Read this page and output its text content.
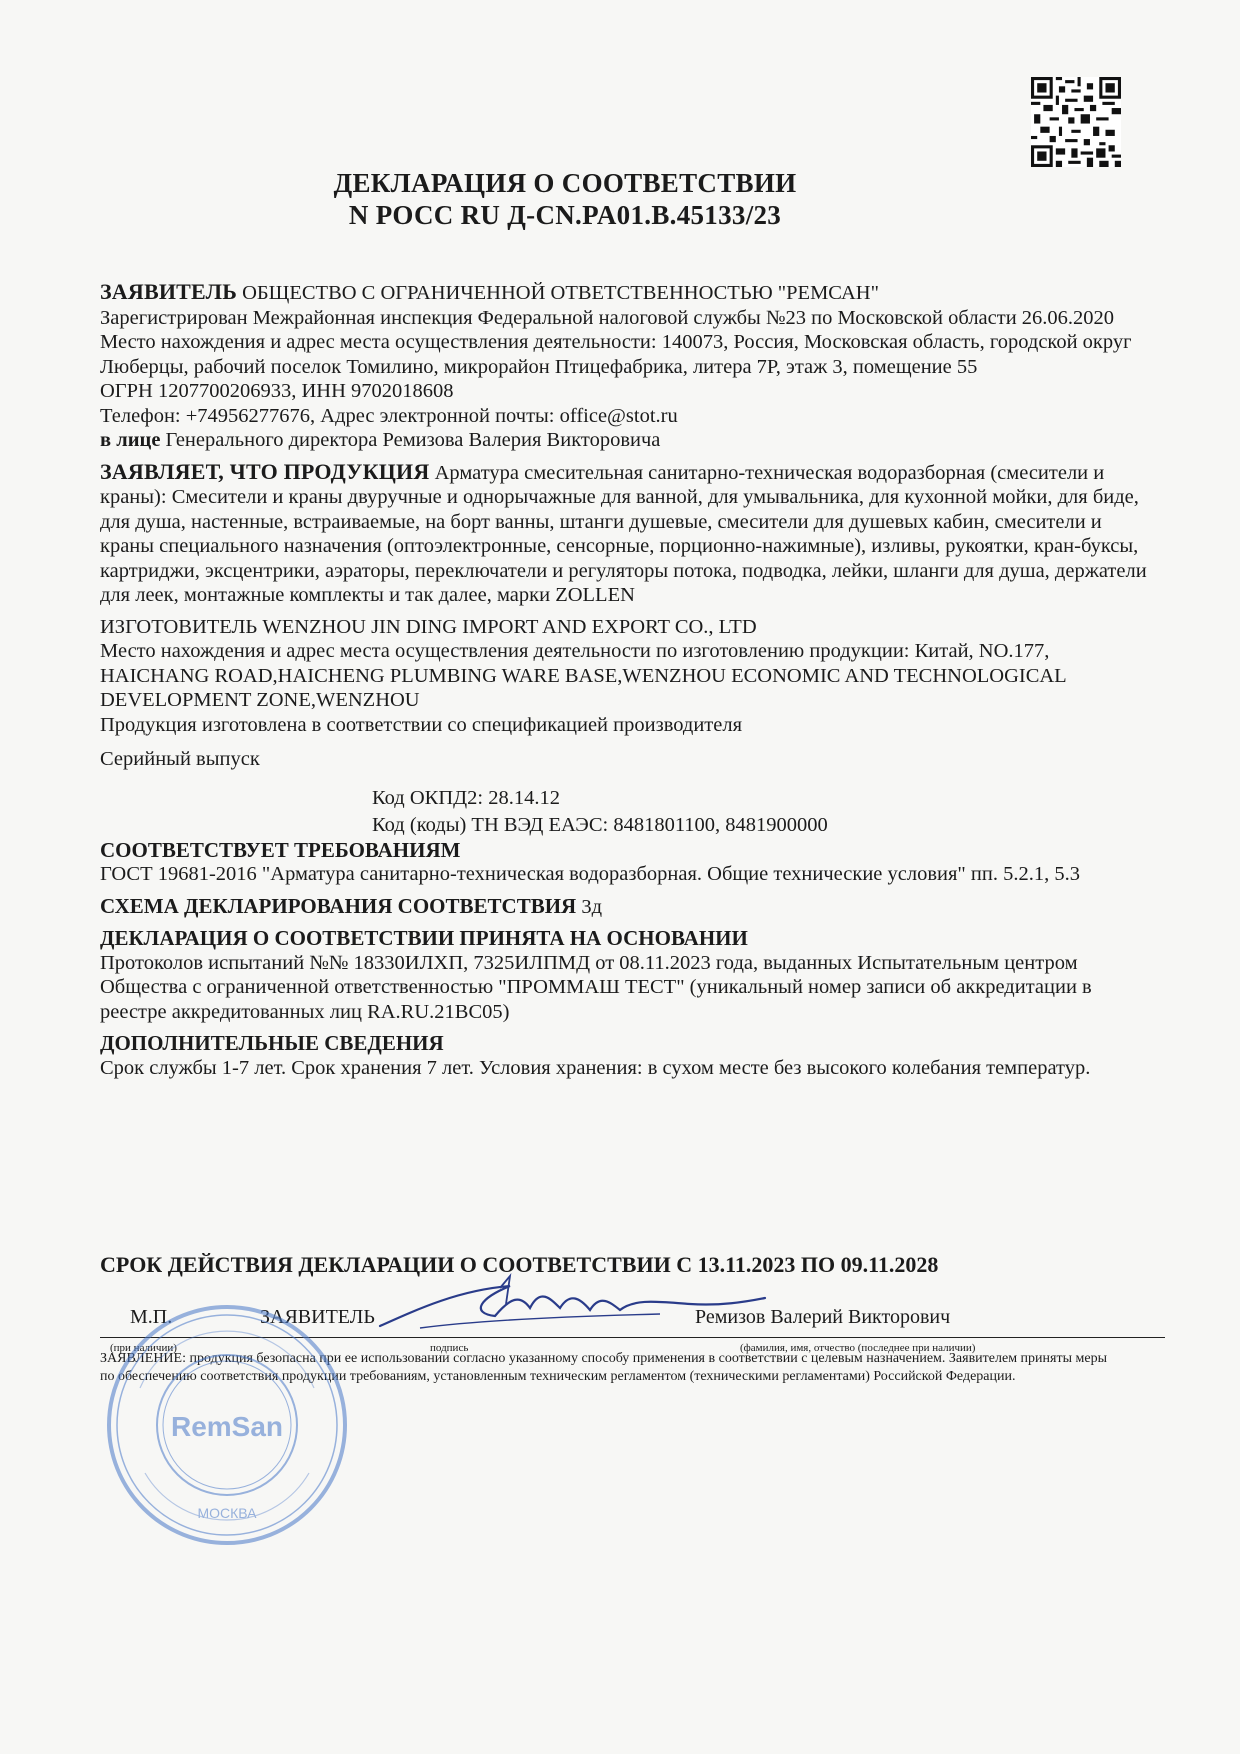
ДЕКЛАРАЦИЯ О СООТВЕТСТВИИ
N РОСС RU Д-CN.PA01.B.45133/23

ЗАЯВИТЕЛЬ ОБЩЕСТВО С ОГРАНИЧЕННОЙ ОТВЕТСТВЕННОСТЬЮ "РЕМСАН"

Зарегистрирован Межрайонная инспекция Федеральной налоговой службы №23 по Московской области 26.06.2020

Место нахождения и адрес места осуществления деятельности: 140073, Россия, Московская область, городской округ Люберцы, рабочий поселок Томилино, микрорайон Птицефабрика, литера 7Р, этаж 3, помещение 55

ОГРН 1207700206933, ИНН 9702018608

Телефон: +74956277676, Адрес электронной почты: office@stot.ru

в лице Генерального директора Ремизова Валерия Викторовича

ЗАЯВЛЯЕТ, ЧТО ПРОДУКЦИЯ Арматура смесительная санитарно-техническая водоразборная (смесители и краны): Смесители и краны двуручные и однорычажные для ванной, для умывальника, для кухонной мойки, для биде, для душа, настенные, встраиваемые, на борт ванны, штанги душевые, смесители для душевых кабин, смесители и краны специального назначения (оптоэлектронные, сенсорные, порционно-нажимные), изливы, рукоятки, кран-буксы, картриджи, эксцентрики, аэраторы, переключатели и регуляторы потока, подводка, лейки, шланги для душа, держатели для леек, монтажные комплекты и так далее, марки ZOLLEN

ИЗГОТОВИТЕЛЬ WENZHOU JIN DING IMPORT AND EXPORT CO., LTD

Место нахождения и адрес места осуществления деятельности по изготовлению продукции: Китай, NO.177, HAICHANG ROAD,HAICHENG PLUMBING WARE BASE,WENZHOU ECONOMIC AND TECHNOLOGICAL DEVELOPMENT ZONE,WENZHOU

Продукция изготовлена в соответствии со спецификацией производителя

Серийный выпуск

Код ОКПД2: 28.14.12

Код (коды) ТН ВЭД ЕАЭС: 8481801100, 8481900000

СООТВЕТСТВУЕТ ТРЕБОВАНИЯМ

ГОСТ 19681-2016 "Арматура санитарно-техническая водоразборная. Общие технические условия" пп. 5.2.1, 5.3

СХЕМА ДЕКЛАРИРОВАНИЯ СООТВЕТСТВИЯ 3д

ДЕКЛАРАЦИЯ О СООТВЕТСТВИИ ПРИНЯТА НА ОСНОВАНИИ

Протоколов испытаний №№ 18330ИЛХП, 7325ИЛПМД от 08.11.2023 года, выданных Испытательным центром Общества с ограниченной ответственностью "ПРОММАШ ТЕСТ" (уникальный номер записи об аккредитации в реестре аккредитованных лиц RA.RU.21BC05)

ДОПОЛНИТЕЛЬНЫЕ СВЕДЕНИЯ

Срок службы 1-7 лет. Срок хранения 7 лет. Условия хранения: в сухом месте без высокого колебания температур.

СРОК ДЕЙСТВИЯ ДЕКЛАРАЦИИ О СООТВЕТСТВИИ С 13.11.2023 ПО 09.11.2028
М.П.	ЗАЯВИТЕЛЬ	Ремизов Валерий Викторович
(при наличии)	подпись	(фамилия, имя, отчество (последнее при наличии)

ЗАЯВЛЕНИЕ: продукция безопасна при ее использовании согласно указанному способу применения в соответствии с целевым назначением. Заявителем приняты меры по обеспечению соответствия продукции требованиям, установленным техническим регламентом (техническими регламентами) Российской Федерации.

RemSan
МОСКВА
